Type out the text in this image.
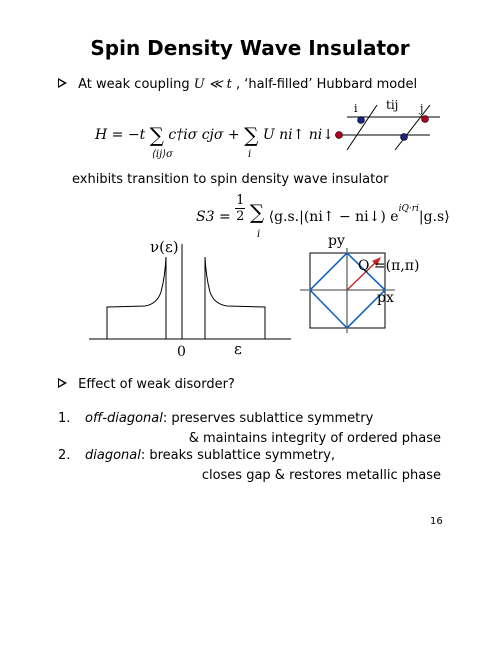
Spin Density Wave Insulator
At weak coupling U ≪ t , ‘half-filled’ Hubbard model
H = −t ∑ c†iσ cjσ + ∑ U ni↑ ni↓
⟨ij⟩σ	i
i tij j
exhibits transition to spin density wave insulator
$S3 = \frac{1}{2}$ ∑ ⟨g.s.|(ni↑ − ni↓) $e^{iQ\cdot ri}|g.s⟩$
i
ν(ε)
0	ε
py
Q =(π,π)
px
Effect of weak disorder?
1. off-diagonal: preserves sublattice symmetry
& maintains integrity of ordered phase
2. diagonal: breaks sublattice symmetry,
closes gap & restores metallic phase
16
